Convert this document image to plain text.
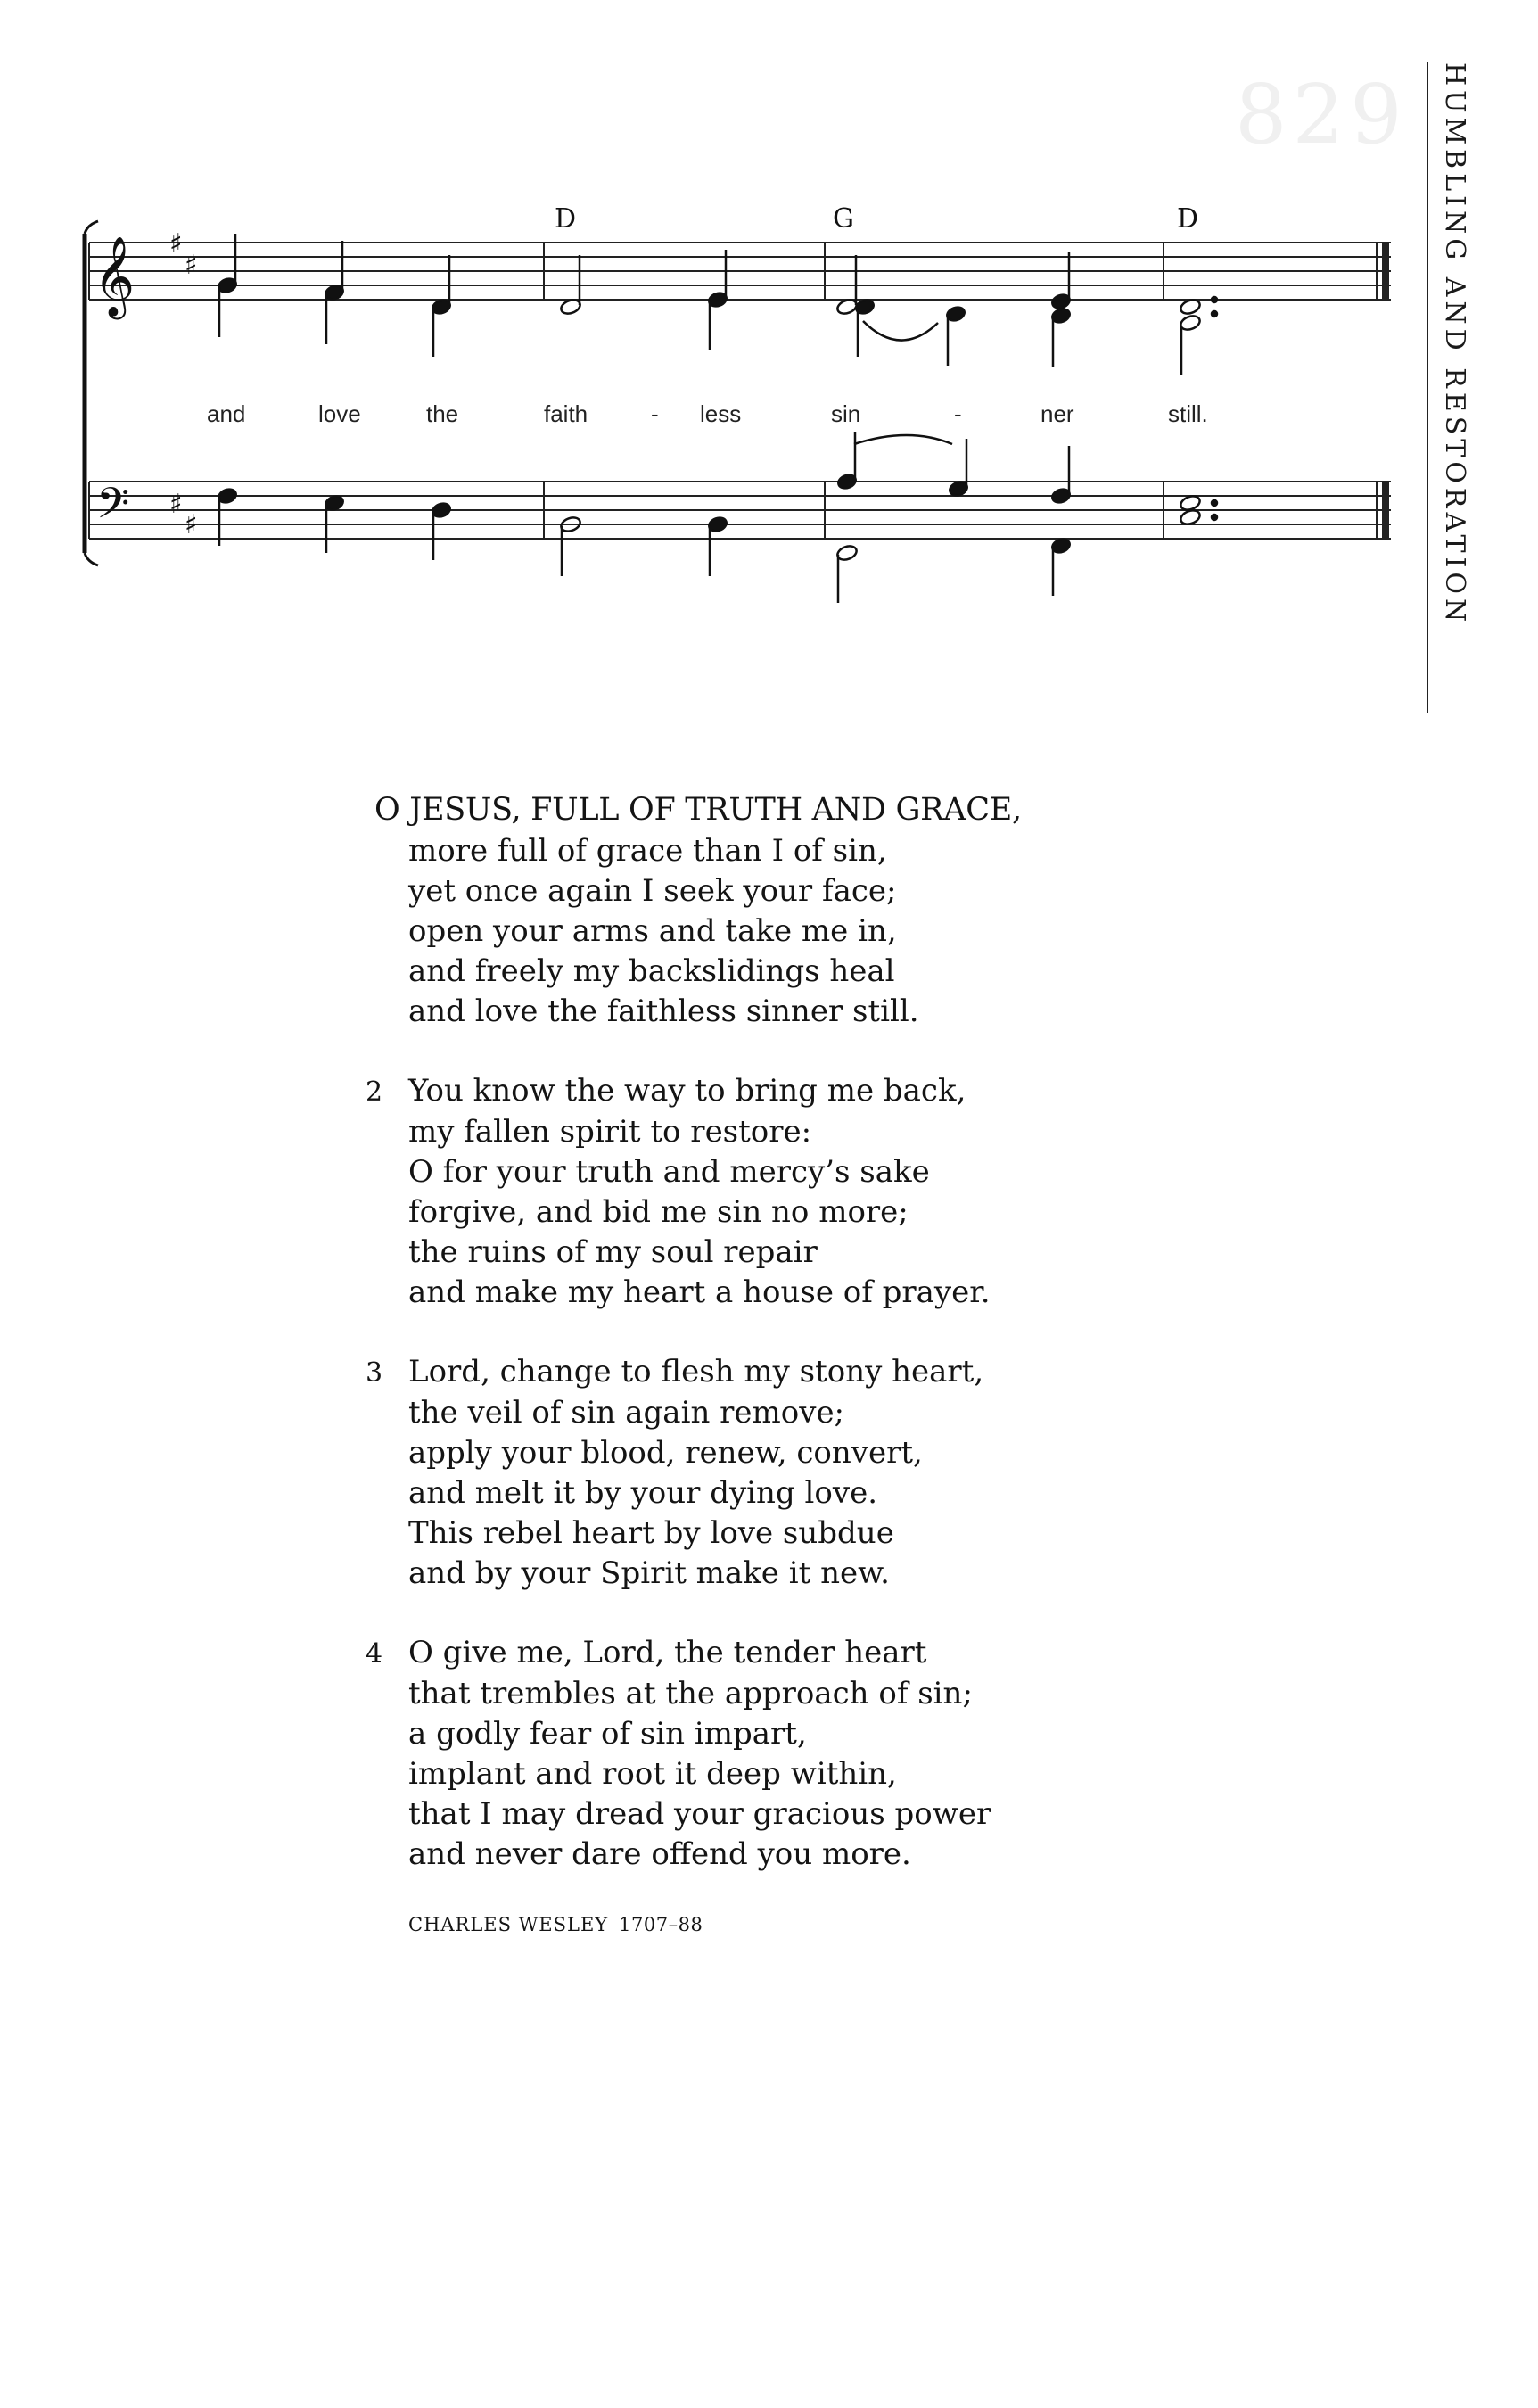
829 HUMBLING AND RESTORATION
𝄞
𝄢
♯
♯
♯
♯
D	G	D
and	love	the	faith	- less	sin	-	ner	still.
O JESUS, FULL OF TRUTH AND GRACE,
more full of grace than I of sin,
yet once again I seek your face;
open your arms and take me in,
and freely my backslidings heal
and love the faithless sinner still.
2 You know the way to bring me back,
my fallen spirit to restore:
O for your truth and mercy’s sake
forgive, and bid me sin no more;
the ruins of my soul repair
and make my heart a house of prayer.
3 Lord, change to flesh my stony heart,
the veil of sin again remove;
apply your blood, renew, convert,
and melt it by your dying love.
This rebel heart by love subdue
and by your Spirit make it new.
4 O give me, Lord, the tender heart
that trembles at the approach of sin;
a godly fear of sin impart,
implant and root it deep within,
that I may dread your gracious power
and never dare offend you more.
CHARLES WESLEY 1707–88
